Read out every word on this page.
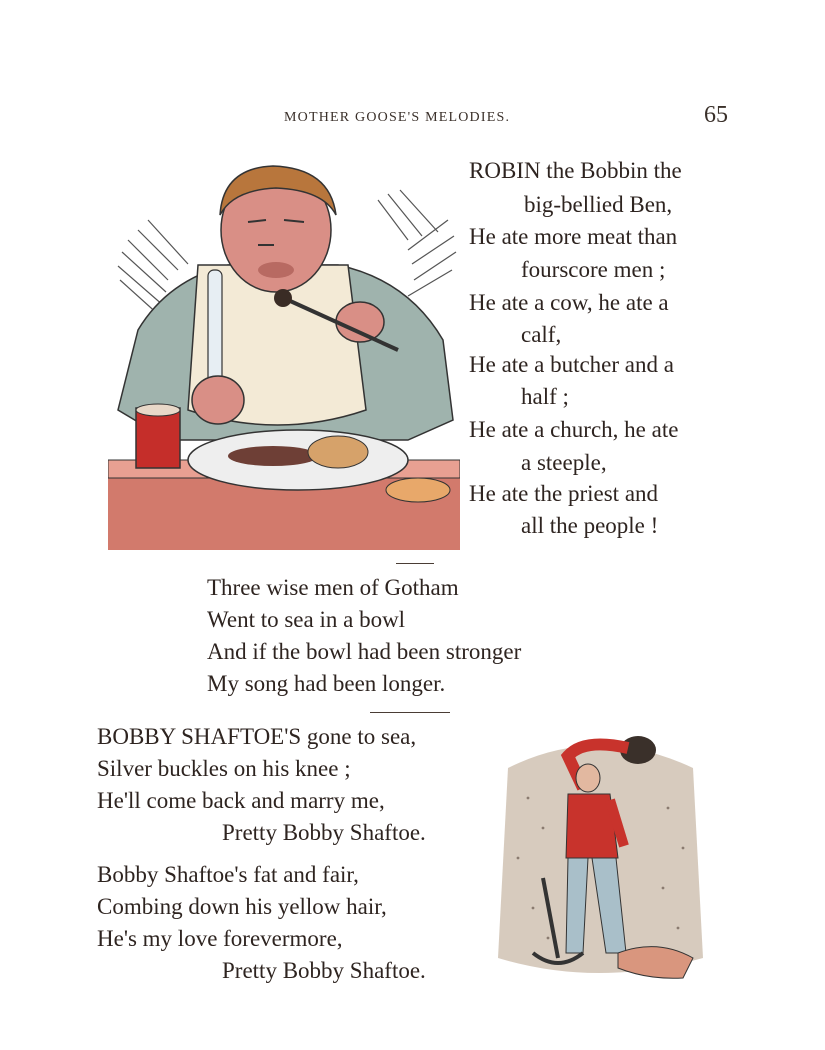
MOTHER GOOSE'S MELODIES.	65
ROBIN the Bobbin the
big-bellied Ben,
He ate more meat than
fourscore men ;
He ate a cow, he ate a
calf,
He ate a butcher and a
half ;
He ate a church, he ate
a steeple,
He ate the priest and
all the people !
Three wise men of Gotham
Went to sea in a bowl
And if the bowl had been stronger
My song had been longer.
BOBBY SHAFTOE'S gone to sea,
Silver buckles on his knee ;
He'll come back and marry me,
Pretty Bobby Shaftoe.
Bobby Shaftoe's fat and fair,
Combing down his yellow hair,
He's my love forevermore,
Pretty Bobby Shaftoe.
